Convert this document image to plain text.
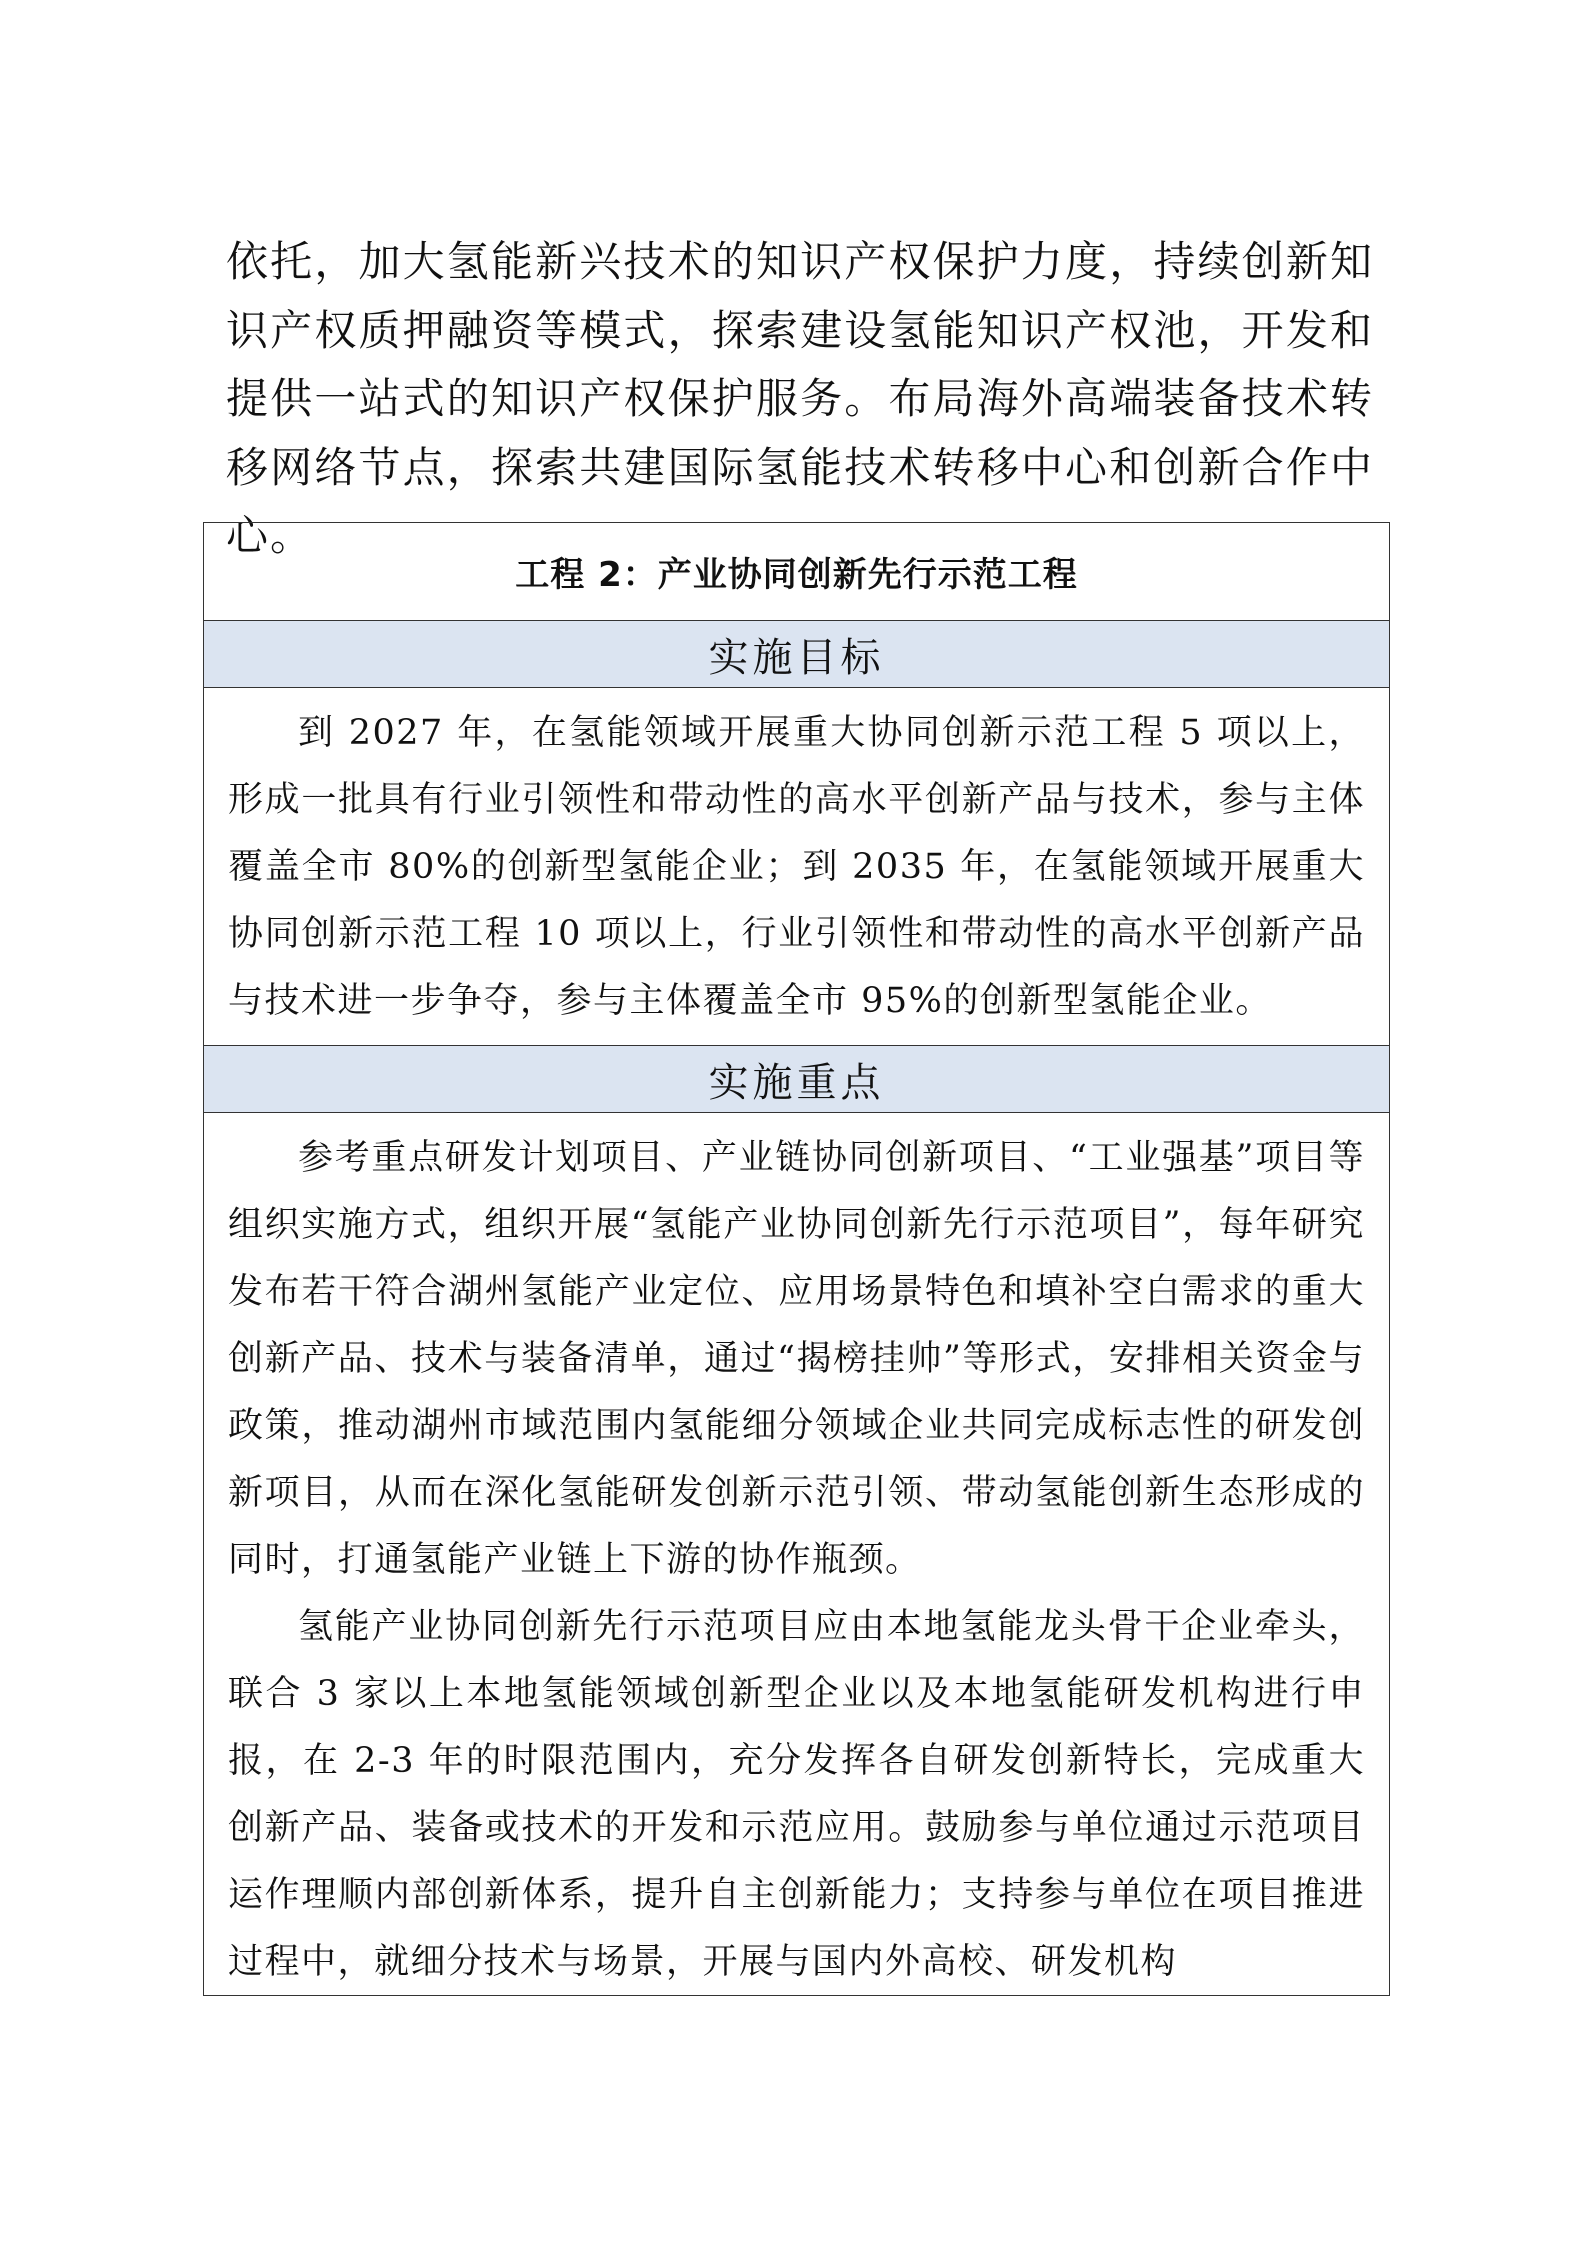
依托，加大氢能新兴技术的知识产权保护力度，持续创新知识产权质押融资等模式，探索建设氢能知识产权池，开发和提供一站式的知识产权保护服务。布局海外高端装备技术转移网络节点，探索共建国际氢能技术转移中心和创新合作中心。

工程 2：产业协同创新先行示范工程
实施目标

到 2027 年，在氢能领域开展重大协同创新示范工程 5 项以上，形成一批具有行业引领性和带动性的高水平创新产品与技术，参与主体覆盖全市 80%的创新型氢能企业；到 2035 年，在氢能领域开展重大协同创新示范工程 10 项以上，行业引领性和带动性的高水平创新产品与技术进一步争夺，参与主体覆盖全市 95%的创新型氢能企业。

实施重点

参考重点研发计划项目、产业链协同创新项目、“工业强基”项目等组织实施方式，组织开展“氢能产业协同创新先行示范项目”，每年研究发布若干符合湖州氢能产业定位、应用场景特色和填补空白需求的重大创新产品、技术与装备清单，通过“揭榜挂帅”等形式，安排相关资金与政策，推动湖州市域范围内氢能细分领域企业共同完成标志性的研发创新项目，从而在深化氢能研发创新示范引领、带动氢能创新生态形成的同时，打通氢能产业链上下游的协作瓶颈。

氢能产业协同创新先行示范项目应由本地氢能龙头骨干企业牵头，联合 3 家以上本地氢能领域创新型企业以及本地氢能研发机构进行申报，在 2-3 年的时限范围内，充分发挥各自研发创新特长，完成重大创新产品、装备或技术的开发和示范应用。鼓励参与单位通过示范项目运作理顺内部创新体系，提升自主创新能力；支持参与单位在项目推进过程中，就细分技术与场景，开展与国内外高校、研发机构
